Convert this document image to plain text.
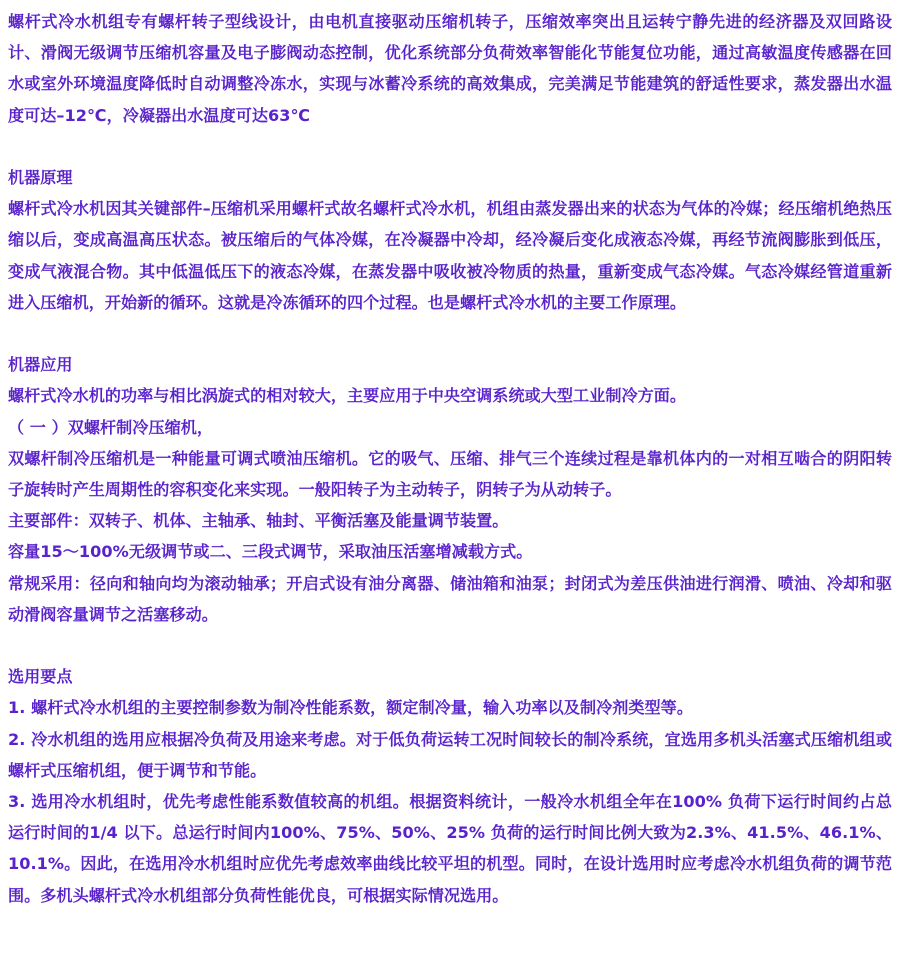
螺杆式冷水机组专有螺杆转子型线设计，由电机直接驱动压缩机转子，压缩效率突出且运转宁静先进的经济器及双回路设计、滑阀无级调节压缩机容量及电子膨阀动态控制，优化系统部分负荷效率智能化节能复位功能，通过高敏温度传感器在回水或室外环境温度降低时自动调整冷冻水，实现与冰蓄冷系统的高效集成，完美满足节能建筑的舒适性要求，蒸发器出水温度可达–12℃，冷凝器出水温度可达63℃

机器原理

螺杆式冷水机因其关键部件–压缩机采用螺杆式故名螺杆式冷水机，机组由蒸发器出来的状态为气体的冷媒；经压缩机绝热压缩以后，变成高温高压状态。被压缩后的气体冷媒，在冷凝器中冷却，经冷凝后变化成液态冷媒，再经节流阀膨胀到低压，变成气液混合物。其中低温低压下的液态冷媒，在蒸发器中吸收被冷物质的热量，重新变成气态冷媒。气态冷媒经管道重新进入压缩机，开始新的循环。这就是冷冻循环的四个过程。也是螺杆式冷水机的主要工作原理。

机器应用

螺杆式冷水机的功率与相比涡旋式的相对较大，主要应用于中央空调系统或大型工业制冷方面。

（ 一 ）双螺杆制冷压缩机，

双螺杆制冷压缩机是一种能量可调式喷油压缩机。它的吸气、压缩、排气三个连续过程是靠机体内的一对相互啮合的阴阳转子旋转时产生周期性的容积变化来实现。一般阳转子为主动转子，阴转子为从动转子。

主要部件：双转子、机体、主轴承、轴封、平衡活塞及能量调节装置。

容量15～100%无级调节或二、三段式调节，采取油压活塞增减载方式。

常规采用：径向和轴向均为滚动轴承；开启式设有油分离器、储油箱和油泵；封闭式为差压供油进行润滑、喷油、冷却和驱动滑阀容量调节之活塞移动。

选用要点

1. 螺杆式冷水机组的主要控制参数为制冷性能系数，额定制冷量，输入功率以及制冷剂类型等。

2. 冷水机组的选用应根据冷负荷及用途来考虑。对于低负荷运转工况时间较长的制冷系统，宜选用多机头活塞式压缩机组或螺杆式压缩机组，便于调节和节能。

3. 选用冷水机组时，优先考虑性能系数值较高的机组。根据资料统计，一般冷水机组全年在100% 负荷下运行时间约占总运行时间的1/4 以下。总运行时间内100%、75%、50%、25% 负荷的运行时间比例大致为2.3%、41.5%、46.1%、10.1%。因此，在选用冷水机组时应优先考虑效率曲线比较平坦的机型。同时，在设计选用时应考虑冷水机组负荷的调节范围。多机头螺杆式冷水机组部分负荷性能优良，可根据实际情况选用。
